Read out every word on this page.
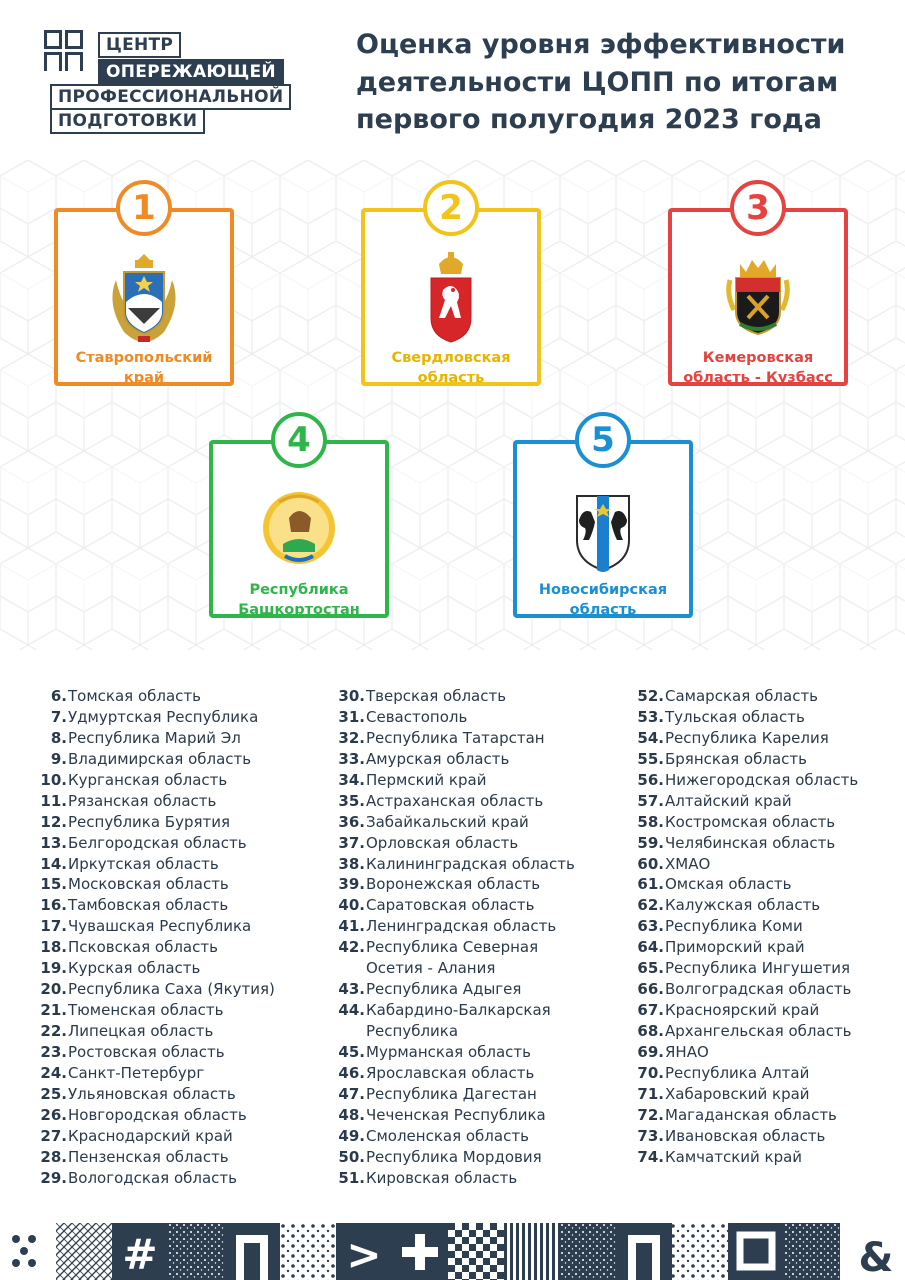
ЦЕНТР
ОПЕРЕЖАЮЩЕЙ
ПРОФЕССИОНАЛЬНОЙ
ПОДГОТОВКИ
Оценка уровня эффективности деятельности ЦОПП по итогам первого полугодия 2023 года
1
Ставропольский край
2
Свердловская область
3
Кемеровская область - Кузбасс
4
Республика Башкортостан
5
Новосибирская область
6. Томская область
7. Удмуртская Республика
8. Республика Марий Эл
9. Владимирская область
10. Курганская область
11. Рязанская область
12. Республика Бурятия
13. Белгородская область
14. Иркутская область
15. Московская область
16. Тамбовская область
17. Чувашская Республика
18. Псковская область
19. Курская область
20. Республика Саха (Якутия)
21. Тюменская область
22. Липецкая область
23. Ростовская область
24. Санкт-Петербург
25. Ульяновская область
26. Новгородская область
27. Краснодарский край
28. Пензенская область
29. Вологодская область
30. Тверская область
31. Севастополь
32. Республика Татарстан
33. Амурская область
34. Пермский край
35. Астраханская область
36. Забайкальский край
37. Орловская область
38. Калининградская область
39. Воронежская область
40. Саратовская область
41. Ленинградская область
42. Республика Северная Осетия - Алания
43. Республика Адыгея
44. Кабардино-Балкарская Республика
45. Мурманская область
46. Ярославская область
47. Республика Дагестан
48. Чеченская Республика
49. Смоленская область
50. Республика Мордовия
51. Кировская область
52. Самарская область
53. Тульская область
54. Республика Карелия
55. Брянская область
56. Нижегородская область
57. Алтайский край
58. Костромская область
59. Челябинская область
60. ХМАО
61. Омская область
62. Калужская область
63. Республика Коми
64. Приморский край
65. Республика Ингушетия
66. Волгоградская область
67. Красноярский край
68. Архангельская область
69. ЯНАО
70. Республика Алтай
71. Хабаровский край
72. Магаданская область
73. Ивановская область
74. Камчатский край
#	>	&
